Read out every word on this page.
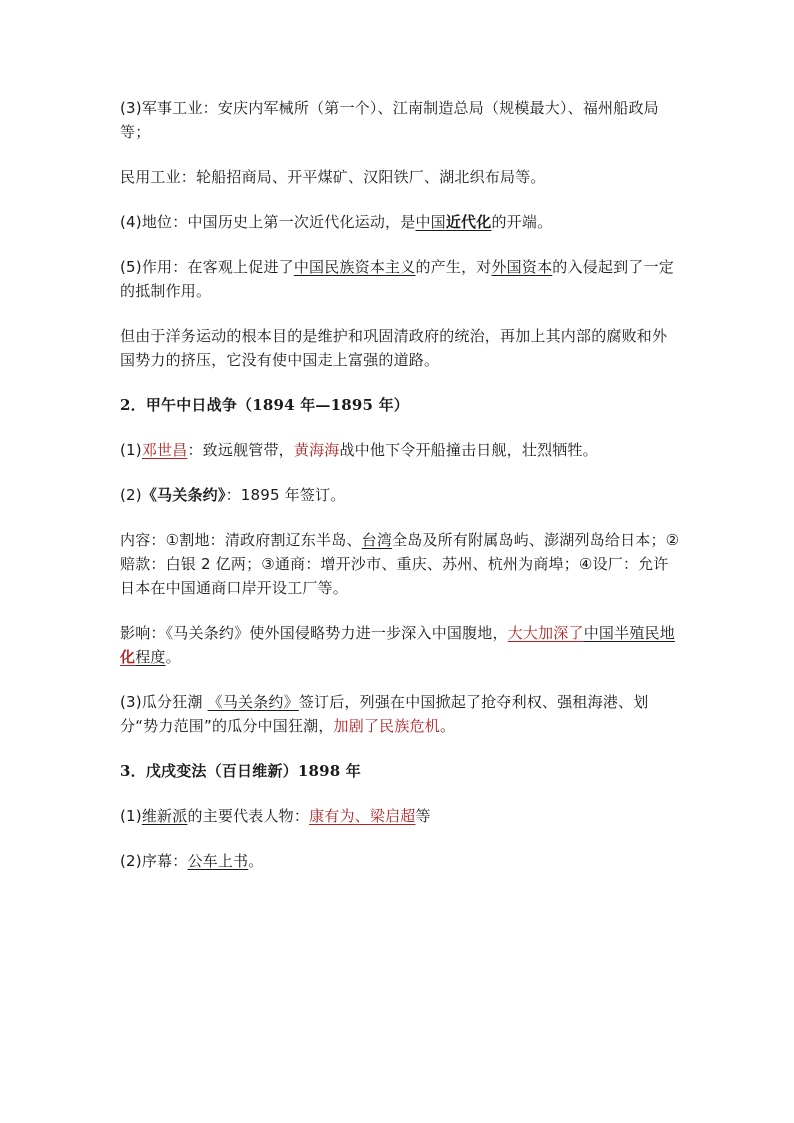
(3)军事工业：安庆内军械所（第一个）、江南制造总局（规模最大）、福州船政局等；

民用工业：轮船招商局、开平煤矿、汉阳铁厂、湖北织布局等。

(4)地位：中国历史上第一次近代化运动，是中国近代化的开端。

(5)作用：在客观上促进了中国民族资本主义的产生，对外国资本的入侵起到了一定的抵制作用。

但由于洋务运动的根本目的是维护和巩固清政府的统治，再加上其内部的腐败和外国势力的挤压，它没有使中国走上富强的道路。

2．甲午中日战争（1894 年—1895 年）

(1)邓世昌：致远舰管带，黄海海战中他下令开船撞击日舰，壮烈牺牲。

(2)《马关条约》：1895 年签订。

内容：①割地：清政府割辽东半岛、台湾全岛及所有附属岛屿、澎湖列岛给日本；②赔款：白银 2 亿两；③通商：增开沙市、重庆、苏州、杭州为商埠；④设厂：允许日本在中国通商口岸开设工厂等。

影响：《马关条约》使外国侵略势力进一步深入中国腹地，大大加深了中国半殖民地化程度。

(3)瓜分狂潮 《马关条约》签订后，列强在中国掀起了抢夺利权、强租海港、划分“势力范围”的瓜分中国狂潮，加剧了民族危机。

3．戊戌变法（百日维新）1898 年

(1)维新派的主要代表人物：康有为、梁启超等

(2)序幕：公车上书。
